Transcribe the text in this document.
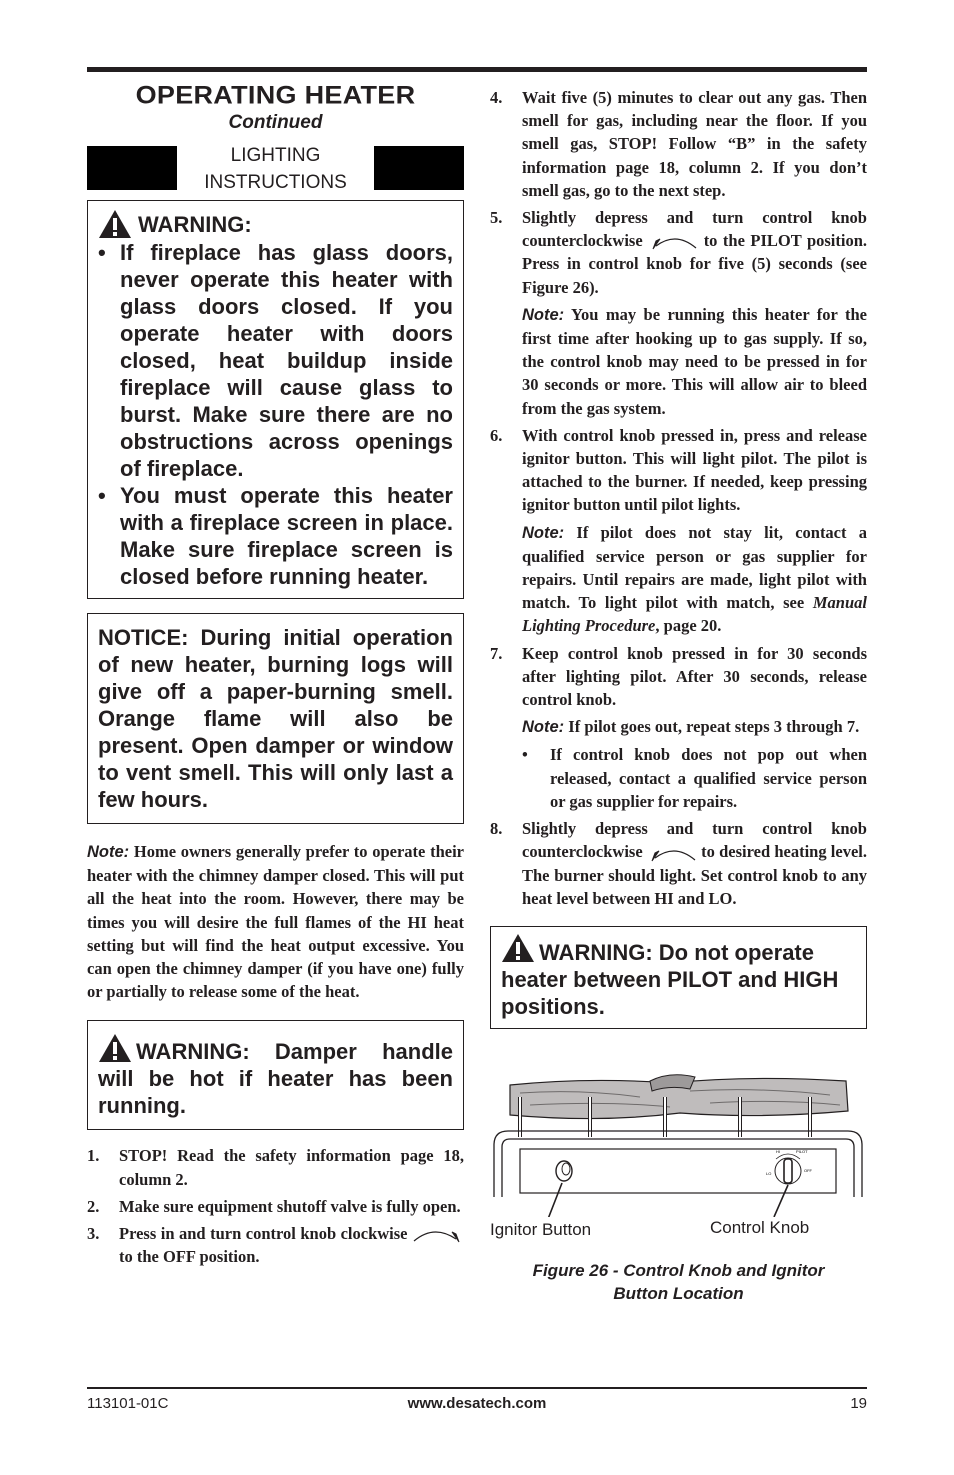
OPERATING HEATER
Continued
LIGHTING
INSTRUCTIONS
WARNING:
• If fireplace has glass doors, never operate this heater with glass doors closed. If you operate heater with doors closed, heat buildup inside fireplace will cause glass to burst. Make sure there are no obstructions across openings of fireplace.
• You must operate this heater with a fireplace screen in place. Make sure fireplace screen is closed before running heater.
NOTICE: During initial operation of new heater, burning logs will give off a paper-burning smell. Orange flame will also be present. Open damper or window to vent smell. This will only last a few hours.

Note: Home owners generally prefer to operate their heater with the chimney damper closed. This will put all the heat into the room. However, there may be times you will desire the full flames of the HI heat setting but will find the heat output excessive. You can open the chimney damper (if you have one) fully or partially to release some of the heat.

WARNING: Damper handle will be hot if heater has been running.
1.	STOP! Read the safety information page 18, column 2.

2.	Make sure equipment shutoff valve is fully open.

3.	Press in and turn control knob clockwise  to the OFF position.

4.	Wait five (5) minutes to clear out any gas. Then smell for gas, including near the floor. If you smell gas, STOP! Follow “B” in the safety information page 18, column 2. If you don’t smell gas, go to the next step.

5.	Slightly depress and turn control knob counterclockwise	to the PILOT position. Press in control knob for five (5) seconds (see Figure 26).

Note: You may be running this heater for the first time after hooking up to gas supply. If so, the control knob may need to be pressed in for 30 seconds or more. This will allow air to bleed from the gas system.

6.	With control knob pressed in, press and release ignitor button. This will light pilot. The pilot is attached to the burner. If needed, keep pressing ignitor button until pilot lights.

Note: If pilot does not stay lit, contact a qualified service person or gas supplier for repairs. Until repairs are made, light pilot with match. To light pilot with match, see Manual Lighting Procedure, page 20.

7.	Keep control knob pressed in for 30 seconds after lighting pilot. After 30 seconds, release control knob.

Note: If pilot goes out, repeat steps 3 through 7.

•	If control knob does not pop out when released, contact a qualified service person or gas supplier for repairs.
8.	Slightly depress and turn control knob counterclockwise	to desired heating level. The burner should light. Set control knob to any heat level between HI and LO.

WARNING: Do not operate heater between PILOT and HIGH positions.
PILOT
OFF
LO
HI
Ignitor Button	Control Knob
Figure 26 - Control Knob and Ignitor
Button Location
113101-01C	www.desatech.com	19
